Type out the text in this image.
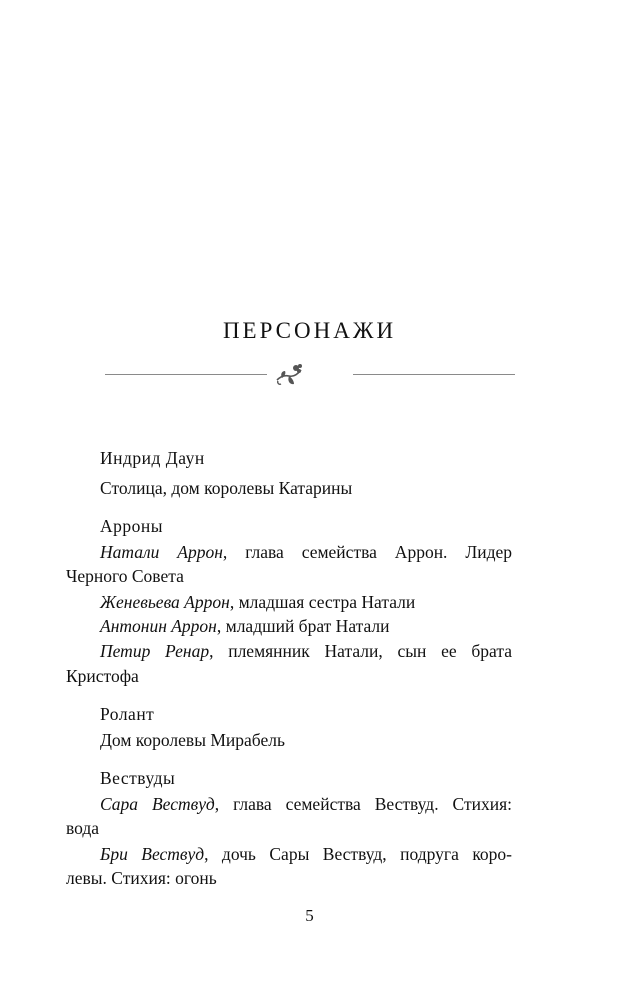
ПЕРСОНАЖИ
Индрид Даун
Столица, дом королевы Катарины
Арроны
Натали Аррон, глава семейства Аррон. Лидер
Черного Совета
Женевьева Аррон, младшая сестра Натали
Антонин Аррон, младший брат Натали
Петир Ренар, племянник Натали, сын ее брата
Кристофа
Ролант
Дом королевы Мирабель
Вествуды
Сара Вествуд, глава семейства Вествуд. Стихия:
вода
Бри Вествуд, дочь Сары Вествуд, подруга коро-
левы. Стихия: огонь
5
